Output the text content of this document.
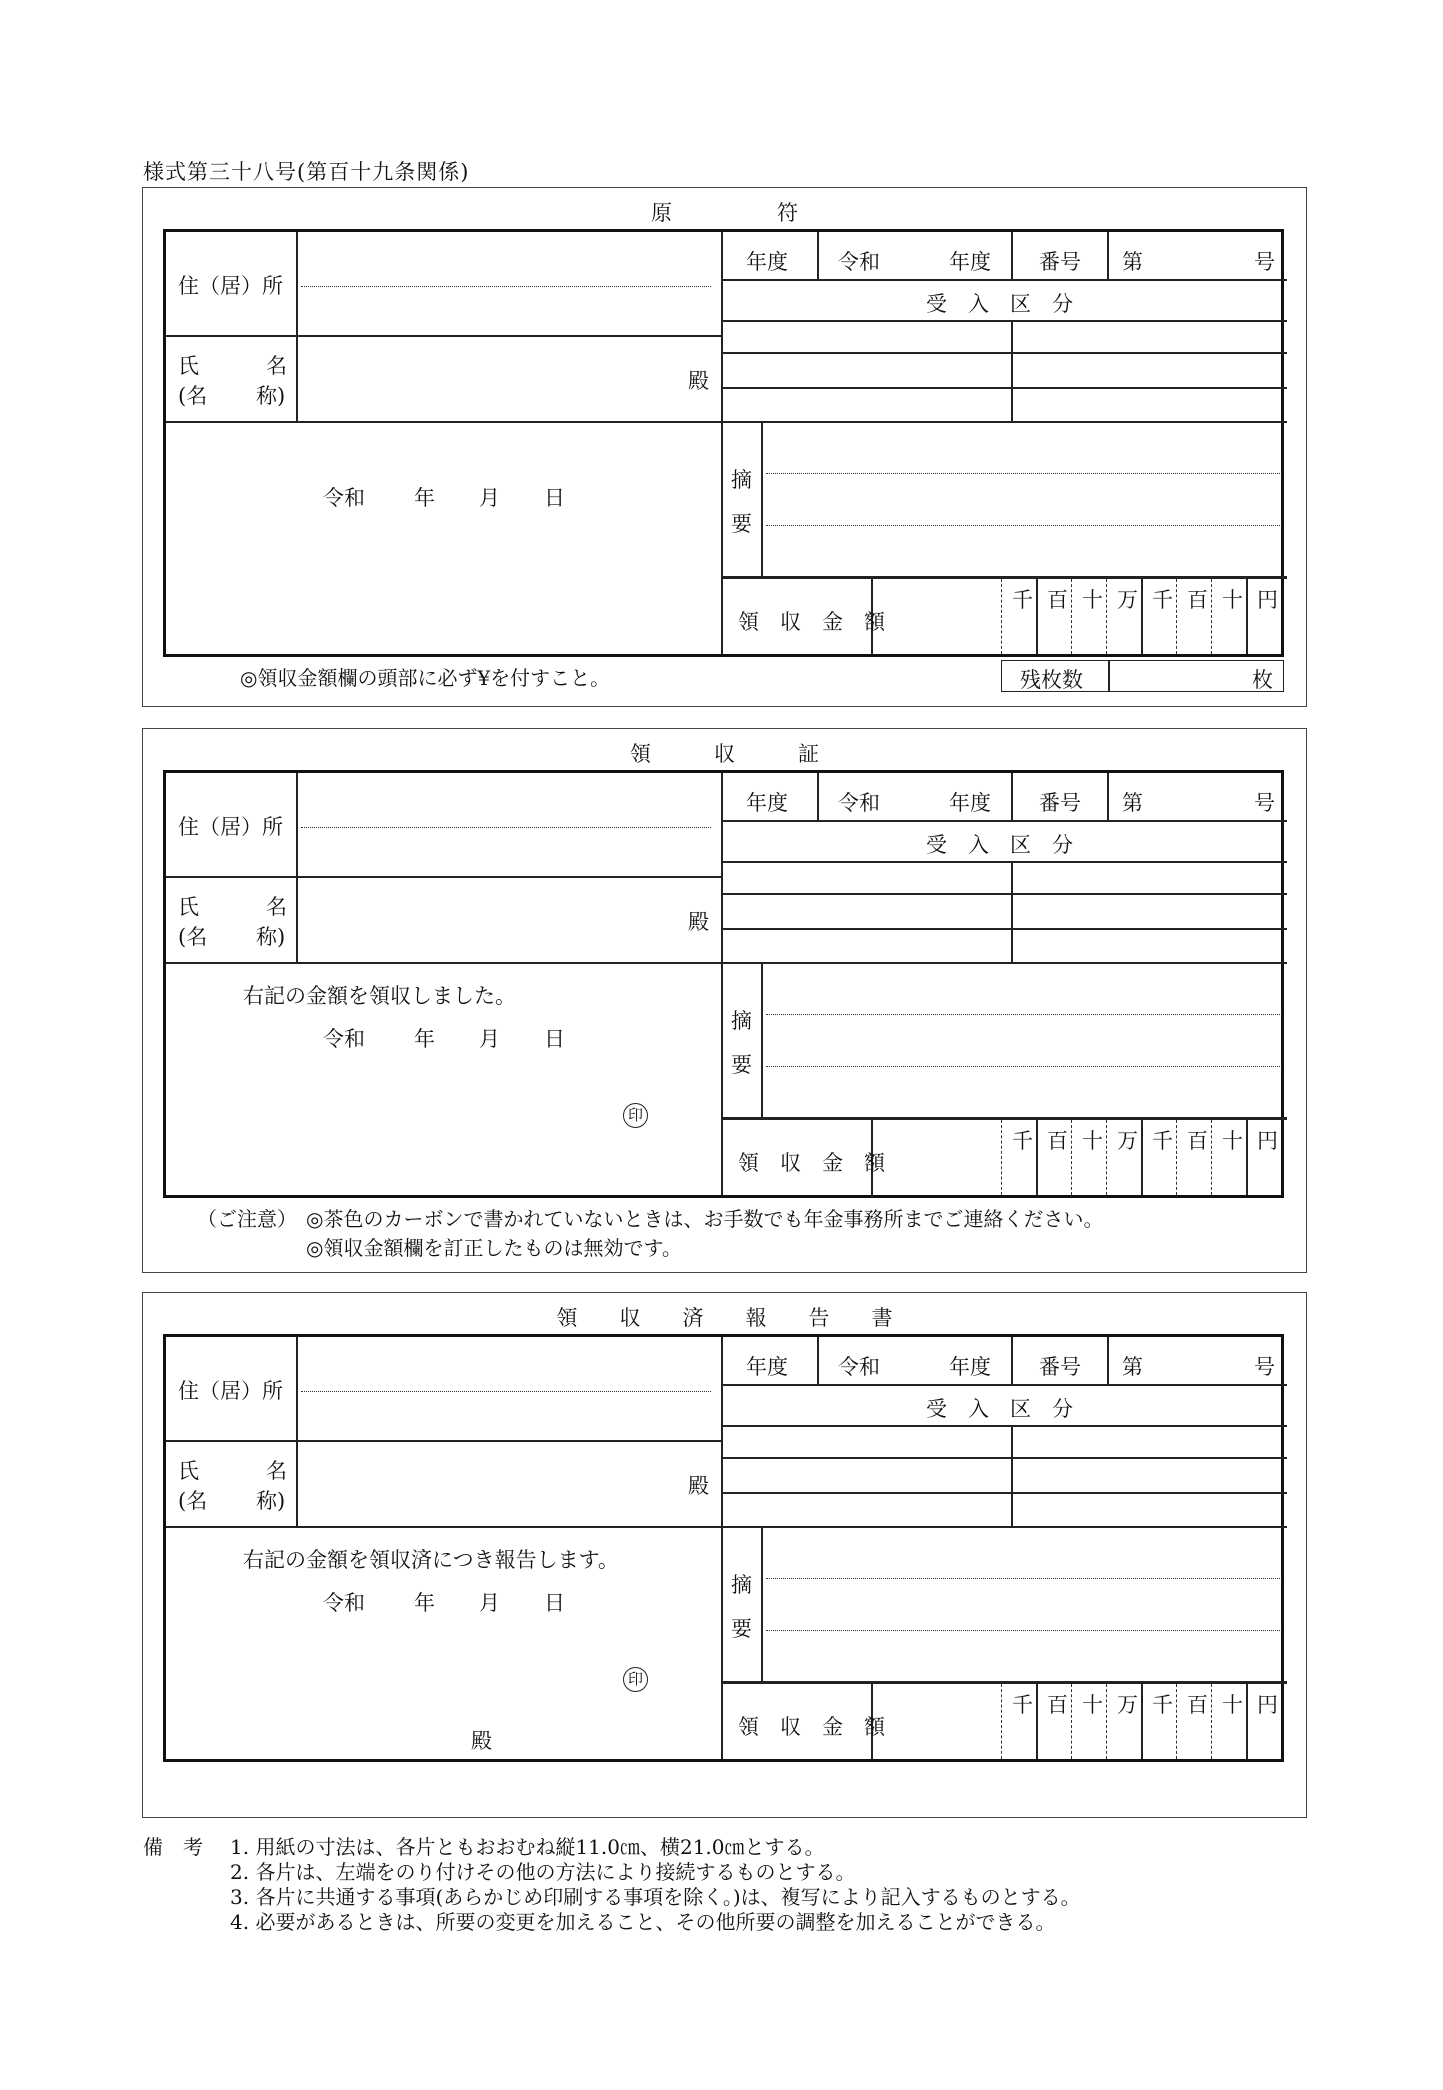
様式第三十八号(第百十九条関係)
原　　　　　符
住（居）所
氏	名
(名 称)
殿
令和 年 月 日
年度 令和	年度 番号 第	号
受　入　区　分
摘
要
領　収　金　額
千 百 十 万 千 百 十 円
◎領収金額欄の頭部に必ず¥を付すこと。	残枚数	枚
領　　　収　　　証
住（居）所
氏	名
(名 称)
殿
右記の金額を領収しました。
令和 年 月 日
印
年度 令和	年度 番号 第	号
受　入　区　分
摘
要
領　収　金　額
千 百 十 万 千 百 十 円
（ご注意） ◎茶色のカーボンで書かれていないときは、お手数でも年金事務所までご連絡ください。
◎領収金額欄を訂正したものは無効です。
領　　収　　済　　報　　告　　書
住（居）所
氏	名
(名 称)
殿
右記の金額を領収済につき報告します。
令和 年 月 日
印
殿
年度 令和	年度 番号 第	号
受　入　区　分
摘
要
領　収　金　額
千 百 十 万 千 百 十 円
備　考 1. 用紙の寸法は、各片ともおおむね縦11.0㎝、横21.0㎝とする。
2. 各片は、左端をのり付けその他の方法により接続するものとする。
3. 各片に共通する事項(あらかじめ印刷する事項を除く。)は、複写により記入するものとする。
4. 必要があるときは、所要の変更を加えること、その他所要の調整を加えることができる。
